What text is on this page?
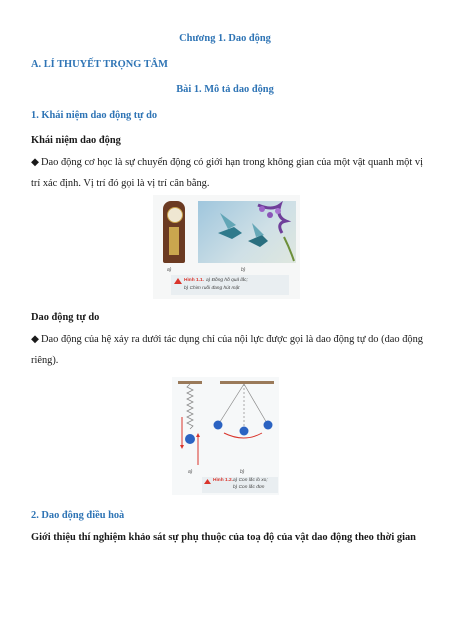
Chương 1. Dao động
A. LÍ THUYẾT TRỌNG TÂM
Bài 1. Mô tả dao động
1. Khái niệm dao động tự do
Khái niệm dao động
◆ Dao động cơ học là sự chuyển động có giới hạn trong không gian của một vật quanh một vị trí xác định. Vị trí đó gọi là vị trí cân bằng.
a)	b)
Hình 1.1. a) Đồng hồ quả lắc;
b) Chim ruồi đang hút mật
Dao động tự do
◆ Dao động của hệ xảy ra dưới tác dụng chỉ của nội lực được gọi là dao động tự do (dao động riêng).
a)	b)
Hình 1.2. a) Con lắc lò xo;
b) Con lắc đơn
2. Dao động điều hoà
Giới thiệu thí nghiệm khảo sát sự phụ thuộc của toạ độ của vật dao động theo thời gian
